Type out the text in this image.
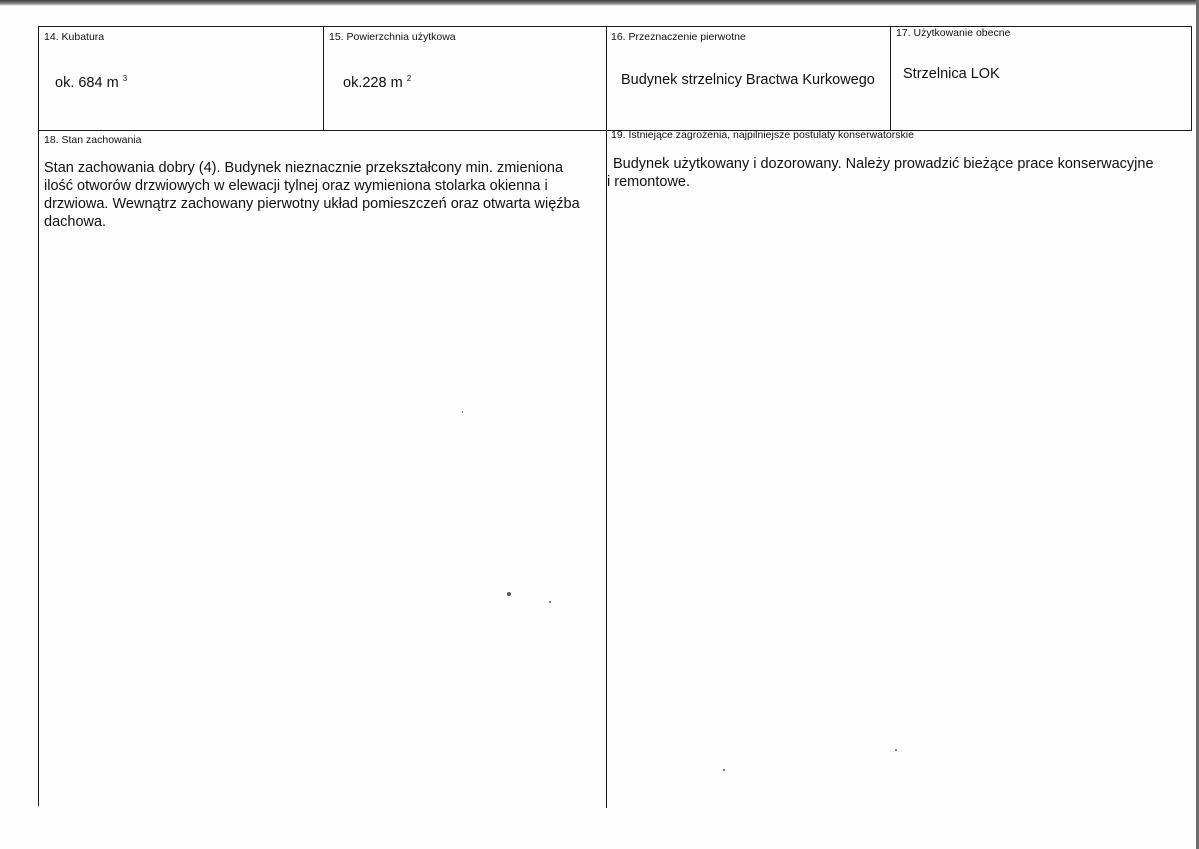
14. Kubatura
ok. 684 m $^3$
15. Powierzchnia użytkowa
ok.228 m $^2$
16. Przeznaczenie pierwotne
Budynek strzelnicy Bractwa Kurkowego
17. Użytkowanie obecne
Strzelnica LOK
18. Stan zachowania
Stan zachowania dobry (4). Budynek nieznacznie przekształcony min. zmieniona
ilość otworów drzwiowych w elewacji tylnej oraz wymieniona stolarka okienna i
drzwiowa. Wewnątrz zachowany pierwotny układ pomieszczeń oraz otwarta więźba
dachowa.
19. Istniejące zagrożenia, najpilniejsze postulaty konserwatorskie
Budynek użytkowany i dozorowany. Należy prowadzić bieżące prace konserwacyjne
i remontowe.
